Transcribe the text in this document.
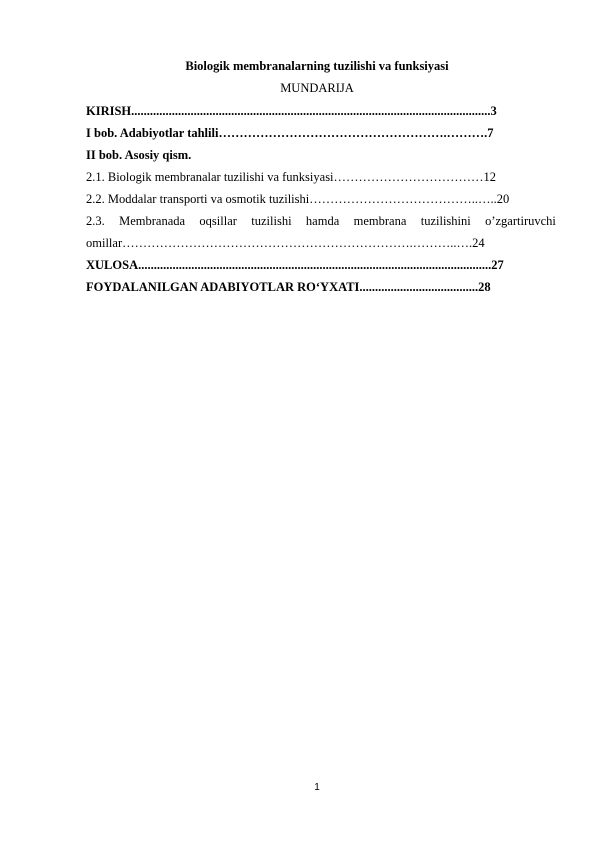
Biologik membranalarning tuzilishi va funksiyasi
MUNDARIJA
KIRISH...................................................................................................................3
I bob. Adabiyotlar tahlili……………………………………………….……….7
II bob. Asosiy qism.
2.1. Biologik membranalar tuzilishi va funksiyasi………………………………12
2.2. Moddalar transporti va osmotik tuzilishi…………………………………..…..20
2.3. Membranada oqsillar tuzilishi hamda membrana tuzilishini o’zgartiruvchi
omillar…………………………………………………………….………..….24
XULOSA.................................................................................................................27
FOYDALANILGAN ADABIYOTLAR RO‘YXATI......................................28
1
